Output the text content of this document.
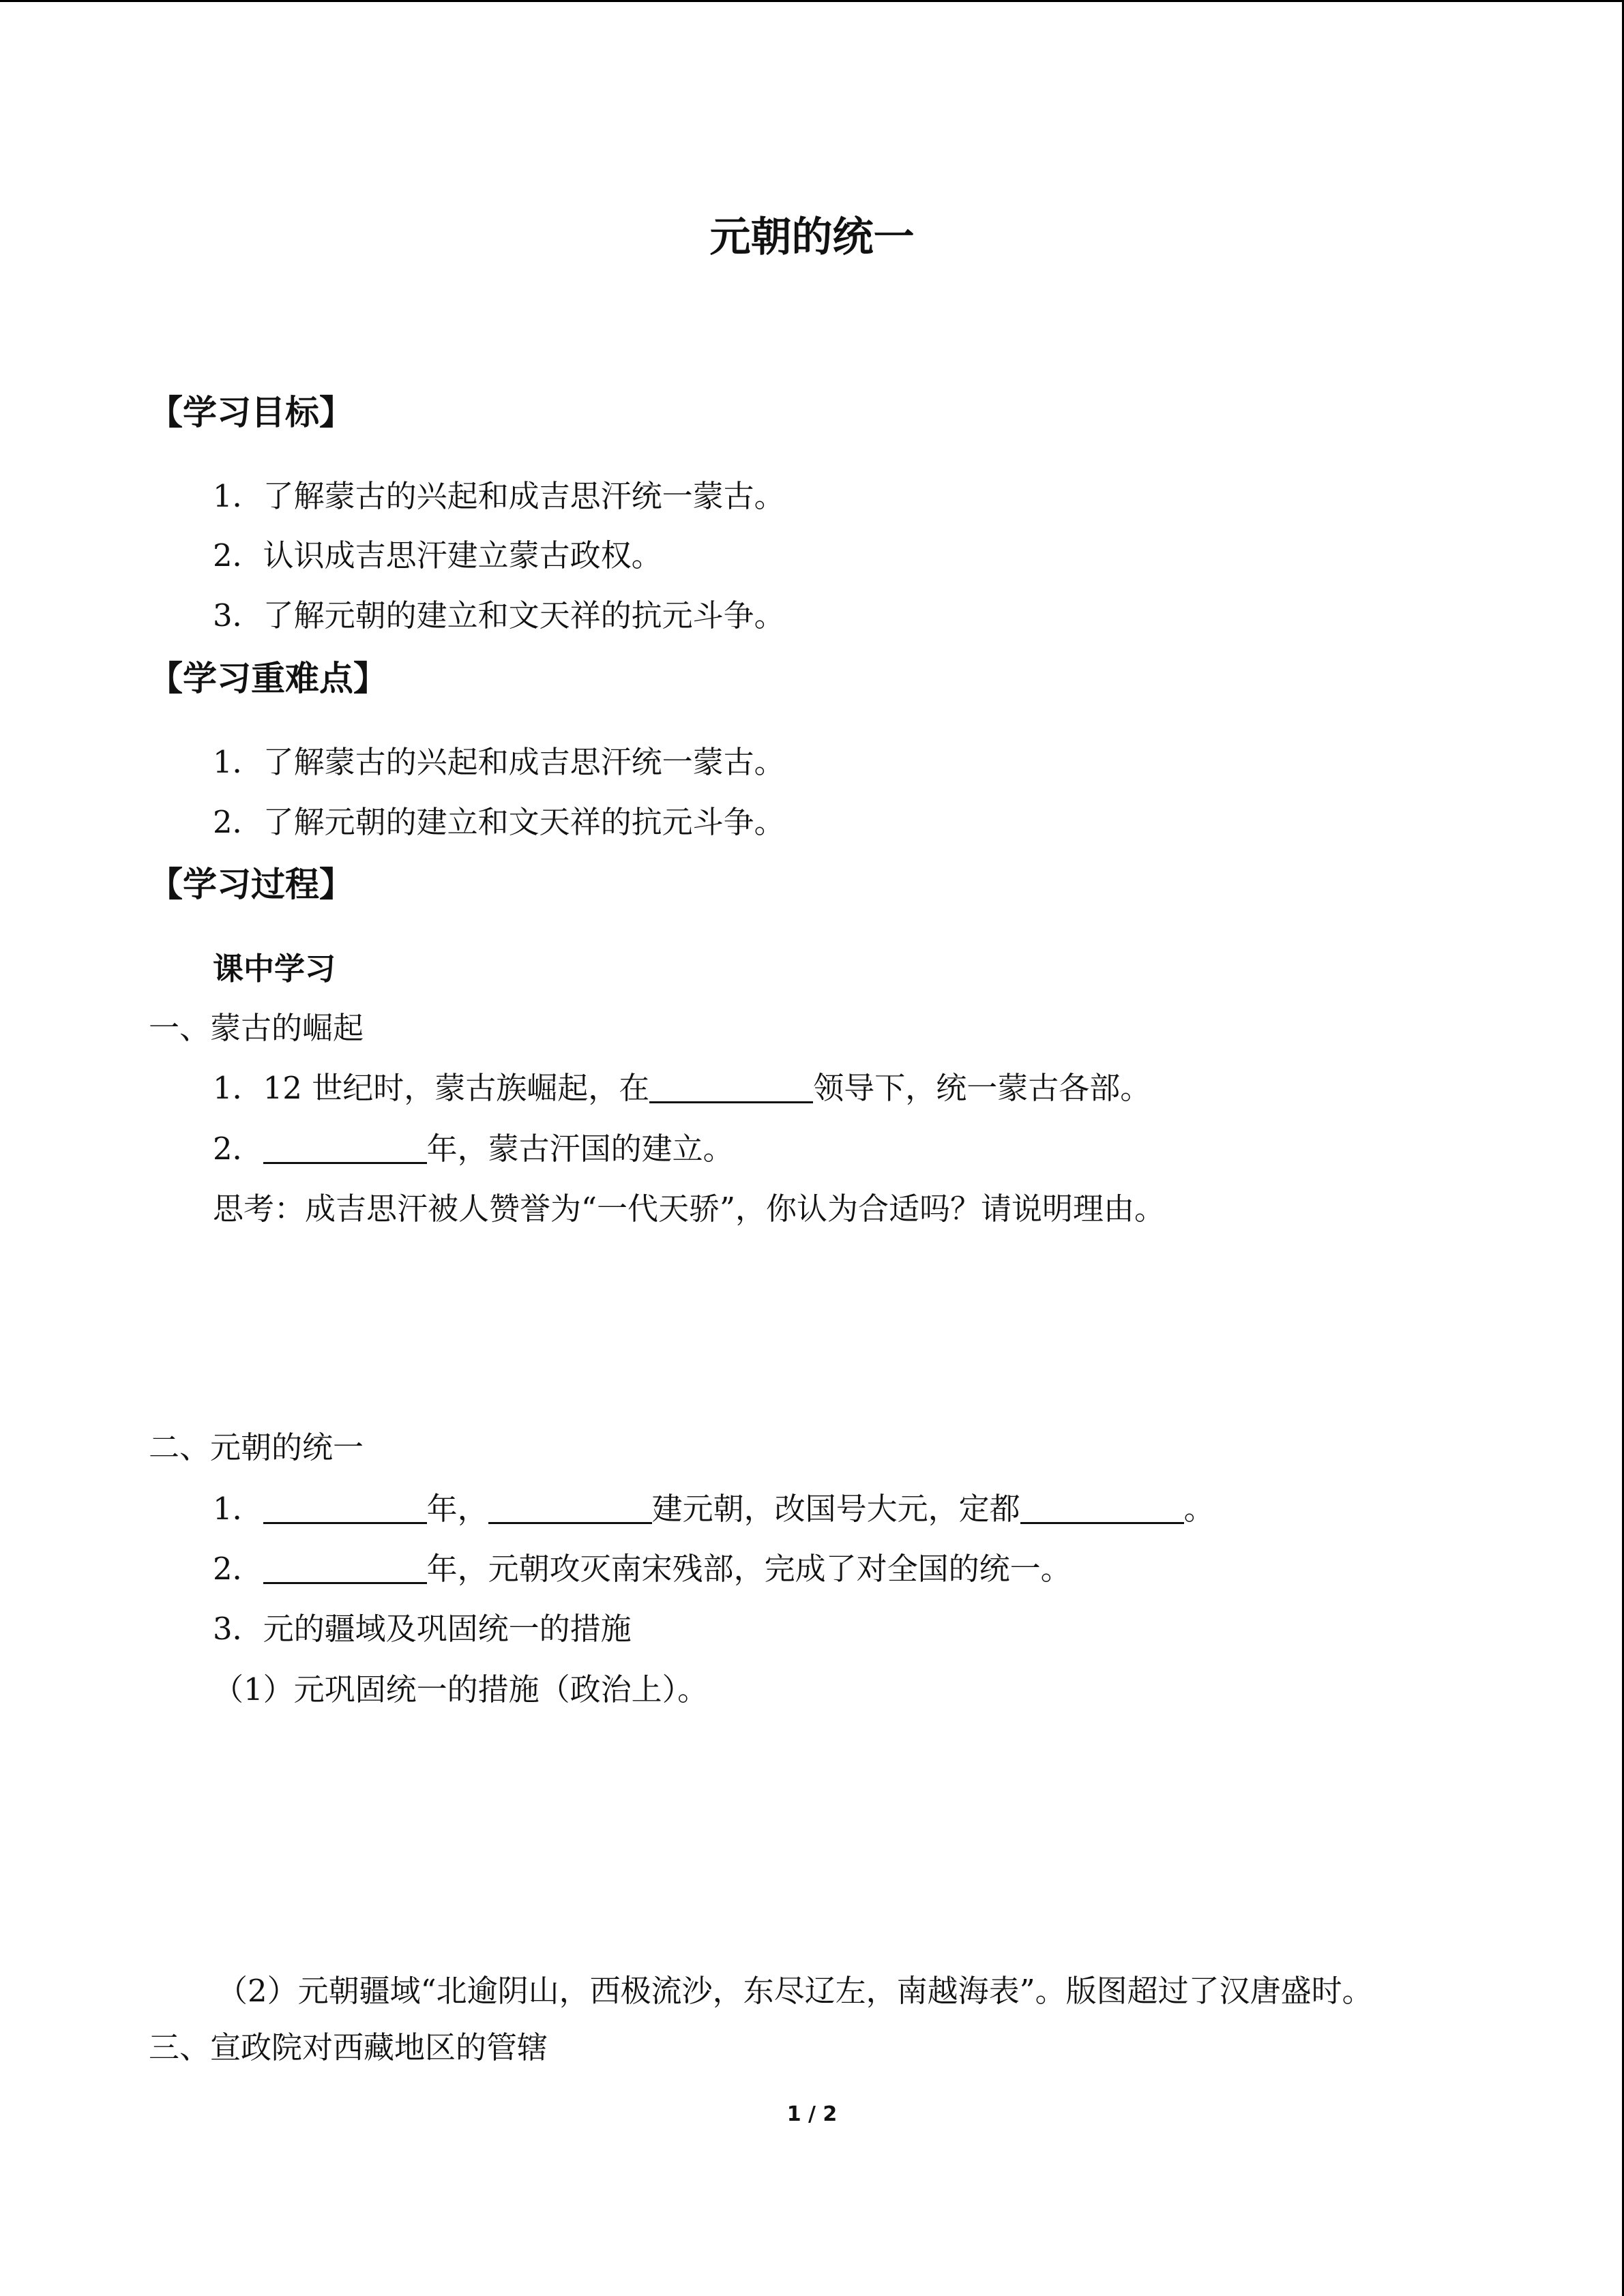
元朝的统一
【学习目标】
1．了解蒙古的兴起和成吉思汗统一蒙古。
2．认识成吉思汗建立蒙古政权。
3．了解元朝的建立和文天祥的抗元斗争。
【学习重难点】
1．了解蒙古的兴起和成吉思汗统一蒙古。
2．了解元朝的建立和文天祥的抗元斗争。
【学习过程】
课中学习
一、蒙古的崛起
1．12 世纪时，蒙古族崛起，在	领导下，统一蒙古各部。
2．	年，蒙古汗国的建立。
思考：成吉思汗被人赞誉为“一代天骄”，你认为合适吗？请说明理由。
二、元朝的统一
1．	年，	建元朝，改国号大元，定都	。
2．	年，元朝攻灭南宋残部，完成了对全国的统一。
3．元的疆域及巩固统一的措施
（1）元巩固统一的措施（政治上）。
（2）元朝疆域“北逾阴山，西极流沙，东尽辽左，南越海表”。版图超过了汉唐盛时。
三、宣政院对西藏地区的管辖
1 / 2
